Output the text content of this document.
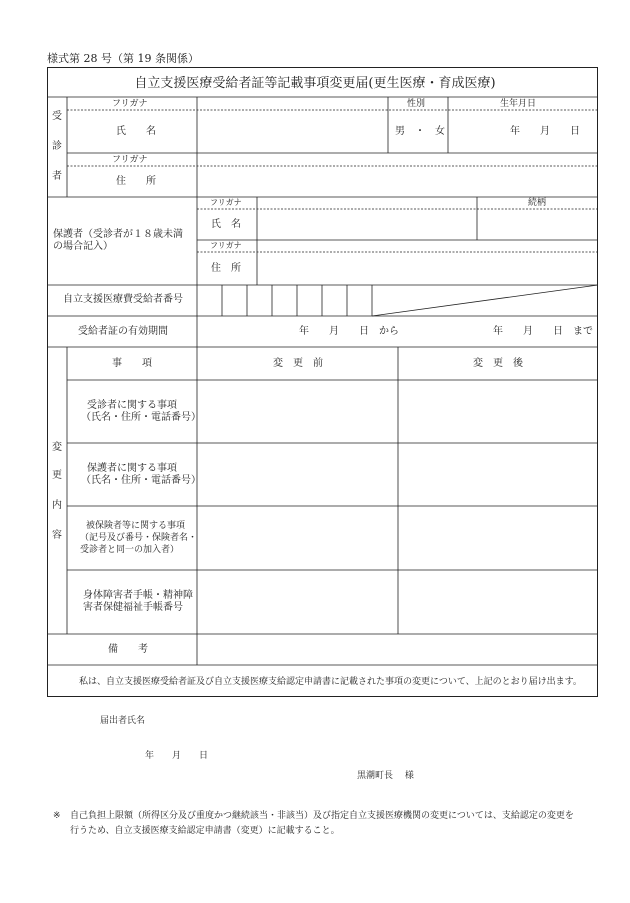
様式第 28 号（第 19 条関係）
自立支援医療受給者証等記載事項変更届(更生医療・育成医療)
受
診
者
フリガナ
氏　　名
性別	生年月日
男　・　女	年　　月　　日
フリガナ
住　　所
保護者（受診者が１８歳未満
の場合記入）
フリガナ	続柄
氏　名
フリガナ
住　所
自立支援医療費受給者番号
受給者証の有効期間	年　　月　　日　から	年　　月　　日　まで
変
更
内
容
事　　項	変　更　前	変　更　後
受診者に関する事項
（氏名・住所・電話番号）
保護者に関する事項
（氏名・住所・電話番号）
被保険者等に関する事項
（記号及び番号・保険者名・
受診者と同一の加入者）
身体障害者手帳・精神障
害者保健福祉手帳番号
備　　考
私は、自立支援医療受給者証及び自立支援医療支給認定申請書に記載された事項の変更について、上記のとおり届け出ます。
届出者氏名
年　　月　　日
黒潮町長　 様
※ 自己負担上限額（所得区分及び重度かつ継続該当・非該当）及び指定自立支援医療機関の変更については、支給認定の変更を
行うため、自立支援医療支給認定申請書（変更）に記載すること。
